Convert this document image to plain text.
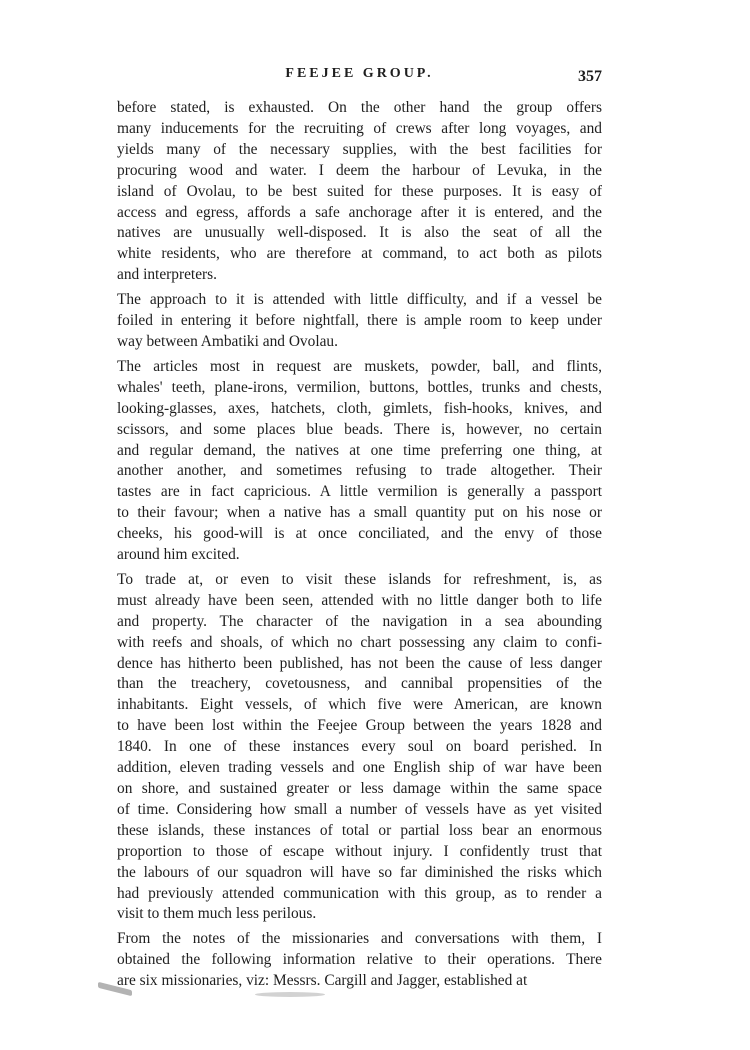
FEEJEE GROUP.	357

before stated, is exhausted. On the other hand the group offers
many inducements for the recruiting of crews after long voyages, and
yields many of the necessary supplies, with the best facilities for
procuring wood and water. I deem the harbour of Levuka, in the
island of Ovolau, to be best suited for these purposes. It is easy of
access and egress, affords a safe anchorage after it is entered, and the
natives are unusually well-disposed. It is also the seat of all the
white residents, who are therefore at command, to act both as pilots
and interpreters.

The approach to it is attended with little difficulty, and if a vessel be
foiled in entering it before nightfall, there is ample room to keep under
way between Ambatiki and Ovolau.

The articles most in request are muskets, powder, ball, and flints,
whales' teeth, plane-irons, vermilion, buttons, bottles, trunks and chests,
looking-glasses, axes, hatchets, cloth, gimlets, fish-hooks, knives, and
scissors, and some places blue beads. There is, however, no certain
and regular demand, the natives at one time preferring one thing, at
another another, and sometimes refusing to trade altogether. Their
tastes are in fact capricious. A little vermilion is generally a passport
to their favour; when a native has a small quantity put on his nose or
cheeks, his good-will is at once conciliated, and the envy of those
around him excited.

To trade at, or even to visit these islands for refreshment, is, as
must already have been seen, attended with no little danger both to life
and property. The character of the navigation in a sea abounding
with reefs and shoals, of which no chart possessing any claim to confi-
dence has hitherto been published, has not been the cause of less danger
than the treachery, covetousness, and cannibal propensities of the
inhabitants. Eight vessels, of which five were American, are known
to have been lost within the Feejee Group between the years 1828 and
1840. In one of these instances every soul on board perished. In
addition, eleven trading vessels and one English ship of war have been
on shore, and sustained greater or less damage within the same space
of time. Considering how small a number of vessels have as yet visited
these islands, these instances of total or partial loss bear an enormous
proportion to those of escape without injury. I confidently trust that
the labours of our squadron will have so far diminished the risks which
had previously attended communication with this group, as to render a
visit to them much less perilous.

From the notes of the missionaries and conversations with them, I
obtained the following information relative to their operations. There
are six missionaries, viz: Messrs. Cargill and Jagger, established at
